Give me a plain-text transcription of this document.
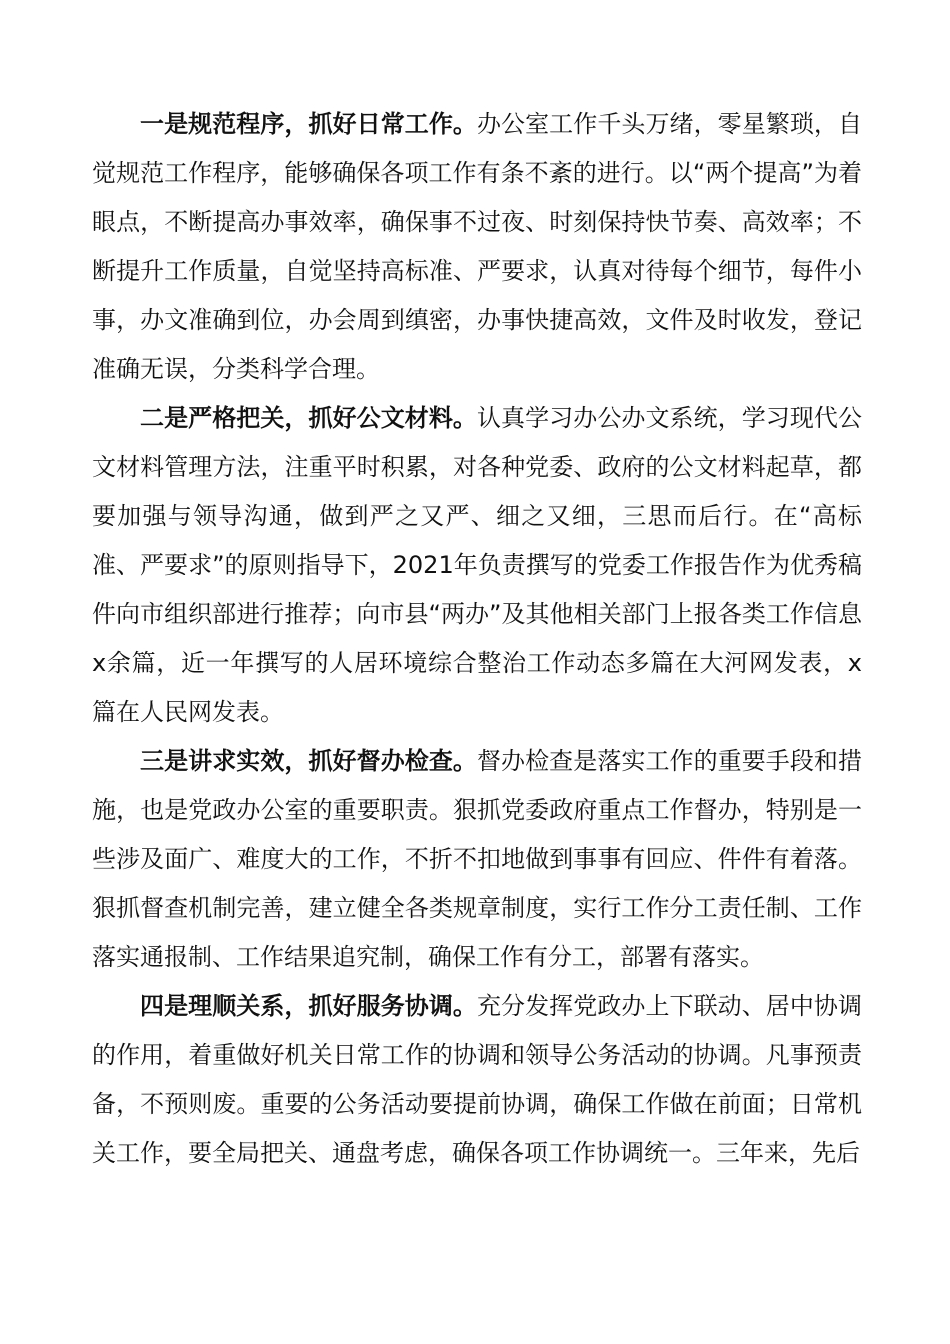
一是规范程序，抓好日常工作。办公室工作千头万绪，零星繁琐，自觉规范工作程序，能够确保各项工作有条不紊的进行。以“两个提高”为着眼点，不断提高办事效率，确保事不过夜、时刻保持快节奏、高效率；不断提升工作质量，自觉坚持高标准、严要求，认真对待每个细节，每件小事，办文准确到位，办会周到缜密，办事快捷高效，文件及时收发，登记准确无误，分类科学合理。

二是严格把关，抓好公文材料。认真学习办公办文系统，学习现代公文材料管理方法，注重平时积累，对各种党委、政府的公文材料起草，都要加强与领导沟通，做到严之又严、细之又细，三思而后行。在“高标准、严要求”的原则指导下，2021年负责撰写的党委工作报告作为优秀稿件向市组织部进行推荐；向市县“两办”及其他相关部门上报各类工作信息x余篇，近一年撰写的人居环境综合整治工作动态多篇在大河网发表，x篇在人民网发表。

三是讲求实效，抓好督办检查。督办检查是落实工作的重要手段和措施，也是党政办公室的重要职责。狠抓党委政府重点工作督办，特别是一些涉及面广、难度大的工作，不折不扣地做到事事有回应、件件有着落。狠抓督查机制完善，建立健全各类规章制度，实行工作分工责任制、工作落实通报制、工作结果追究制，确保工作有分工，部署有落实。

四是理顺关系，抓好服务协调。充分发挥党政办上下联动、居中协调的作用，着重做好机关日常工作的协调和领导公务活动的协调。凡事预责备，不预则废。重要的公务活动要提前协调，确保工作做在前面；日常机关工作，要全局把关、通盘考虑，确保各项工作协调统一。三年来，先后
